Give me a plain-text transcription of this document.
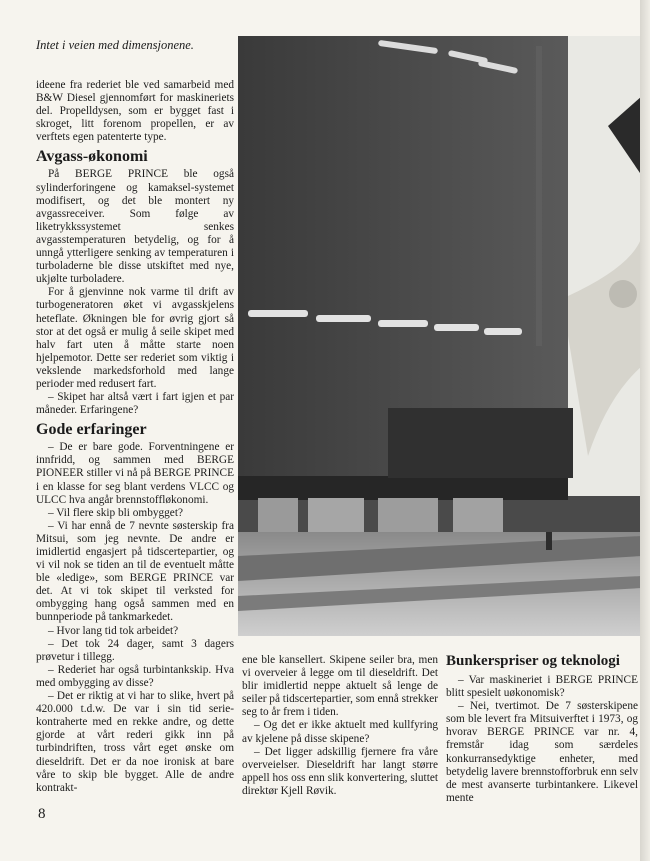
Intet i veien med dimensjonene.

ideene fra rederiet ble ved samarbeid med B&W Diesel gjennomført for maskineriets del. Propelldysen, som er bygget fast i skroget, litt forenom propellen, er av verftets egen patenterte type.

Avgass-økonomi

På BERGE PRINCE ble også sylinderforingene og kamaksel-systemet modifisert, og det ble montert ny avgassreceiver. Som følge av liketrykkssystemet senkes avgasstemperaturen betydelig, og for å unngå ytterligere senking av temperaturen i turboladerne ble disse utskiftet med nye, ukjølte turboladere.

For å gjenvinne nok varme til drift av turbogeneratoren øket vi avgasskjelens heteflate. Økningen ble for øvrig gjort så stor at det også er mulig å seile skipet med halv fart uten å måtte starte noen hjelpemotor. Dette ser rederiet som viktig i vekslende markedsforhold med lange perioder med redusert fart.

– Skipet har altså vært i fart igjen et par måneder. Erfaringene?

Gode erfaringer

– De er bare gode. Forventningene er innfridd, og sammen med BERGE PIONEER stiller vi nå på BERGE PRINCE i en klasse for seg blant verdens VLCC og ULCC hva angår brennstoffløkonomi.

– Vil flere skip bli ombygget?

– Vi har ennå de 7 nevnte søsterskip fra Mitsui, som jeg nevnte. De andre er imidlertid engasjert på tidscertepartier, og vi vil nok se tiden an til de eventuelt måtte ble «ledige», som BERGE PRINCE var det. At vi tok skipet til verksted for ombygging hang også sammen med en bunnperiode på tankmarkedet.

– Hvor lang tid tok arbeidet?

– Det tok 24 dager, samt 3 dagers prøvetur i tillegg.

– Rederiet har også turbintankskip. Hva med ombygging av disse?

– Det er riktig at vi har to slike, hvert på 420.000 t.d.w. De var i sin tid serie-kontraherte med en rekke andre, og dette gjorde at vårt rederi gikk inn på turbindriften, tross vårt eget ønske om dieseldrift. Det er da noe ironisk at bare våre to skip ble bygget. Alle de andre kontrakt-

ene ble kansellert. Skipene seiler bra, men vi overveier å legge om til dieseldrift. Det blir imidlertid neppe aktuelt så lenge de seiler på tidscertepartier, som ennå strekker seg to år frem i tiden.

– Og det er ikke aktuelt med kullfyring av kjelene på disse skipene?

– Det ligger adskillig fjernere fra våre overveielser. Dieseldrift har langt større appell hos oss enn slik konvertering, sluttet direktør Kjell Røvik.

Bunkerspriser og teknologi

– Var maskineriet i BERGE PRINCE blitt spesielt uøkonomisk?

– Nei, tvertimot. De 7 søsterskipene som ble levert fra Mitsuiverftet i 1973, og hvorav BERGE PRINCE var nr. 4, fremstår idag som særdeles konkurransedyktige enheter, med betydelig lavere brennstofforbruk enn selv de mest avanserte turbintankere. Likevel mente

8
